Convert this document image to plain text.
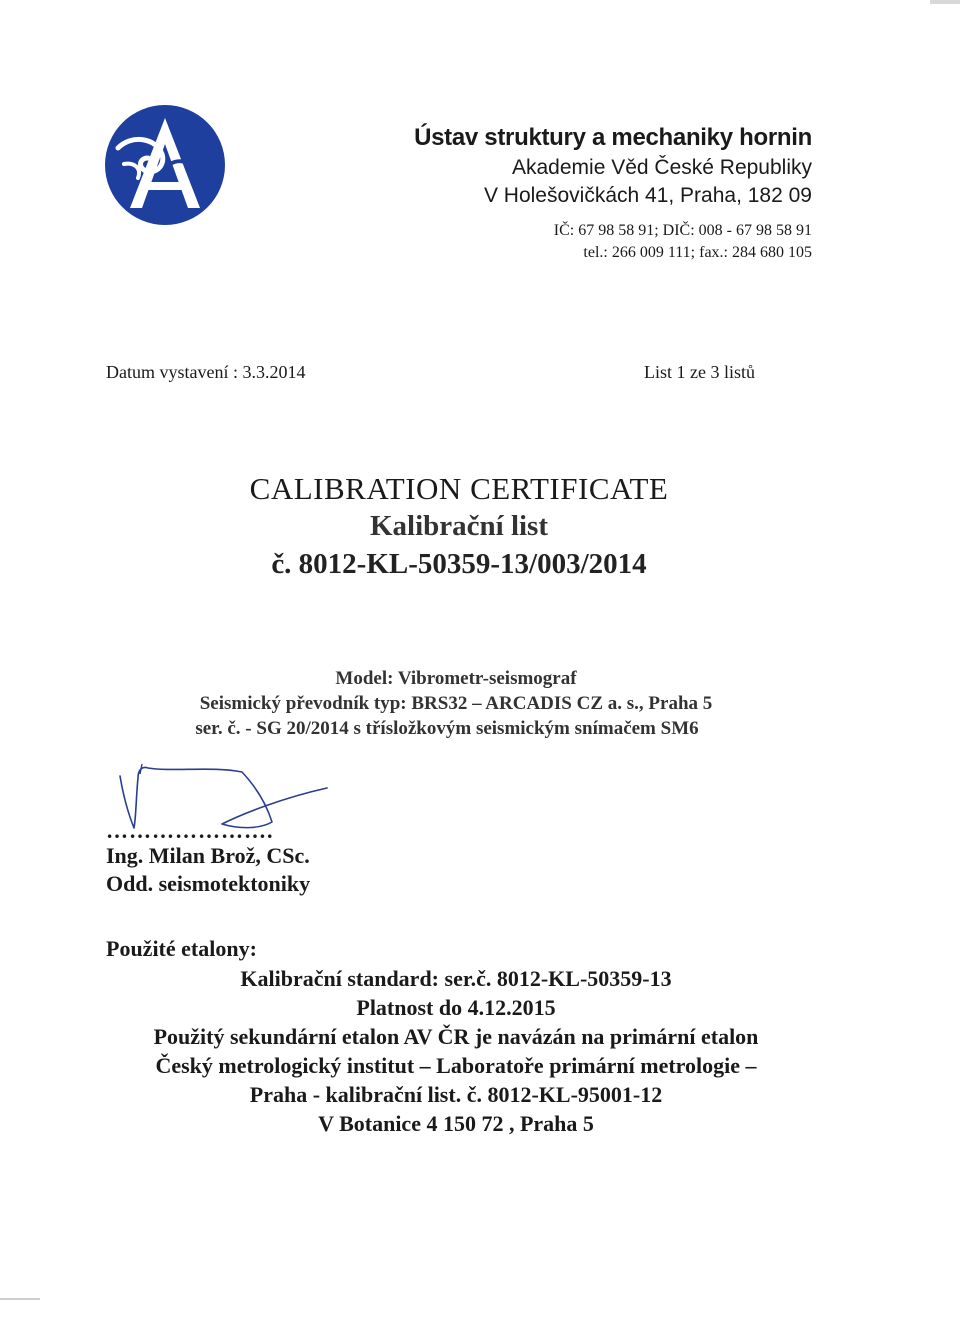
Ústav struktury a mechaniky hornin
Akademie Věd České Republiky
V Holešovičkách 41, Praha, 182 09
IČ: 67 98 58 91; DIČ: 008 - 67 98 58 91
tel.: 266 009 111; fax.: 284 680 105
Datum vystavení : 3.3.2014	List 1 ze 3 listů
CALIBRATION CERTIFICATE
Kalibrační list
č. 8012-KL-50359-13/003/2014
Model: Vibrometr-seismograf
Seismický převodník typ: BRS32 – ARCADIS CZ a. s., Praha 5
ser. č. - SG 20/2014 s třísložkovým seismickým snímačem SM6
………………….
Ing. Milan Brož, CSc.
Odd. seismotektoniky
Použité etalony:
Kalibrační standard: ser.č. 8012-KL-50359-13
Platnost do 4.12.2015
Použitý sekundární etalon AV ČR je navázán na primární etalon
Český metrologický institut – Laboratoře primární metrologie –
Praha - kalibrační list. č. 8012-KL-95001-12
V Botanice 4 150 72 , Praha 5
